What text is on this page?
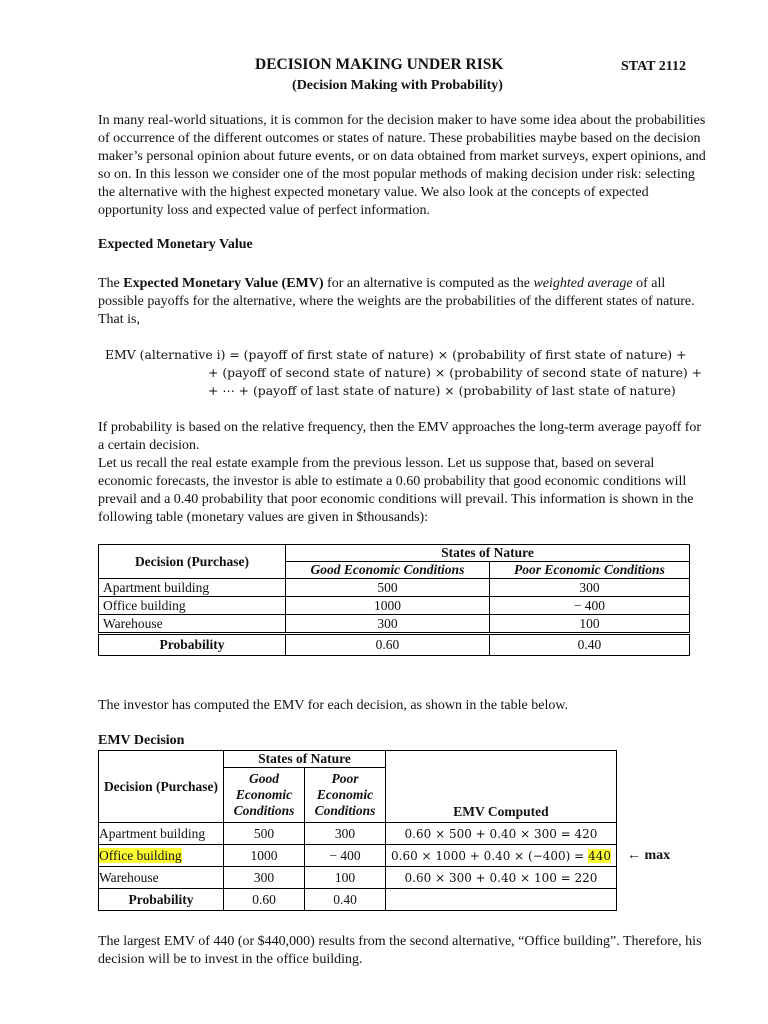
DECISION MAKING UNDER RISK	STAT 2112
(Decision Making with Probability)
In many real-world situations, it is common for the decision maker to have some idea about the probabilities of occurrence of the different outcomes or states of nature. These probabilities maybe based on the decision maker’s personal opinion about future events, or on data obtained from market surveys, expert opinions, and so on. In this lesson we consider one of the most popular methods of making decision under risk: selecting the alternative with the highest expected monetary value. We also look at the concepts of expected opportunity loss and expected value of perfect information.
Expected Monetary Value
The Expected Monetary Value (EMV) for an alternative is computed as the weighted average of all possible payoffs for the alternative, where the weights are the probabilities of the different states of nature. That is,
EMV (alternative i) = (payoff of first state of nature) × (probability of first state of nature) +
+ (payoff of second state of nature) × (probability of second state of nature) +
+ ⋯ + (payoff of last state of nature) × (probability of last state of nature)
If probability is based on the relative frequency, then the EMV approaches the long-term average payoff for a certain decision.
Let us recall the real estate example from the previous lesson. Let us suppose that, based on several economic forecasts, the investor is able to estimate a 0.60 probability that good economic conditions will prevail and a 0.40 probability that poor economic conditions will prevail. This information is shown in the following table (monetary values are given in $thousands):
Decision (Purchase)	States of Nature	
	Good Economic Conditions	Poor Economic Conditions
Apartment building	500	300
Office building	1000	− 400
Warehouse	300	100
Probability	0.60	0.40
The investor has computed the EMV for each decision, as shown in the table below.
EMV Decision
Decision (Purchase)	States of Nature		EMV Computed
	Good Economic Conditions	Poor Economic Conditions	
Apartment building	500	300	0.60 × 500 + 0.40 × 300 = 420
Office building	1000	− 400	0.60 × 1000 + 0.40 × (−400) = 440
Warehouse	300	100	0.60 × 300 + 0.40 × 100 = 220
Probability	0.60	0.40	
← max
The largest EMV of 440 (or $440,000) results from the second alternative, “Office building”. Therefore, his decision will be to invest in the office building.
